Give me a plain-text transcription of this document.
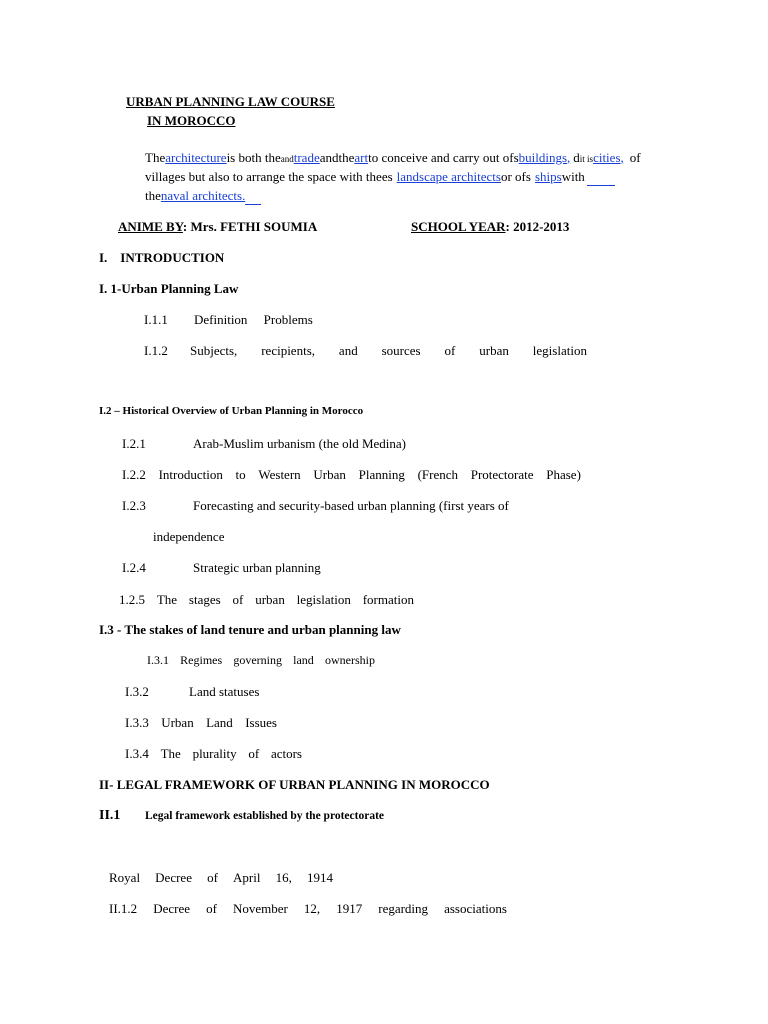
URBAN PLANNING LAW COURSE
IN MOROCCO
Thearchitectureis both theandtradeandtheartto conceive and carry out ofsbuildings, dit iscities, of
villages but also to arrange the space with thees landscape architectsor ofs shipswith
thenaval architects.
ANIME BY: Mrs. FETHI SOUMIA	SCHOOL YEAR: 2012-2013
I.    INTRODUCTION
I. 1-Urban Planning Law
I.1.1 Definition     Problems
I.1.2	Subjects, recipients, and sources of urban legislation
I.2 – Historical Overview of Urban Planning in Morocco
I.2.1	Arab-Muslim urbanism (the old Medina)
I.2.2 Introduction to Western Urban Planning (French Protectorate Phase)
I.2.3	Forecasting and security-based urban planning (first years of
independence
I.2.4	Strategic urban planning
1.2.5 The stages of urban legislation formation
I.3 - The stakes of land tenure and urban planning law
I.3.1 Regimes governing land ownership
I.3.2	Land statuses
I.3.3 Urban Land Issues
I.3.4 The plurality of actors
II- LEGAL FRAMEWORK OF URBAN PLANNING IN MOROCCO
II.1 Legal framework established by the protectorate
Royal Decree of April 16, 1914
II.1.2 Decree of November 12, 1917 regarding associations
